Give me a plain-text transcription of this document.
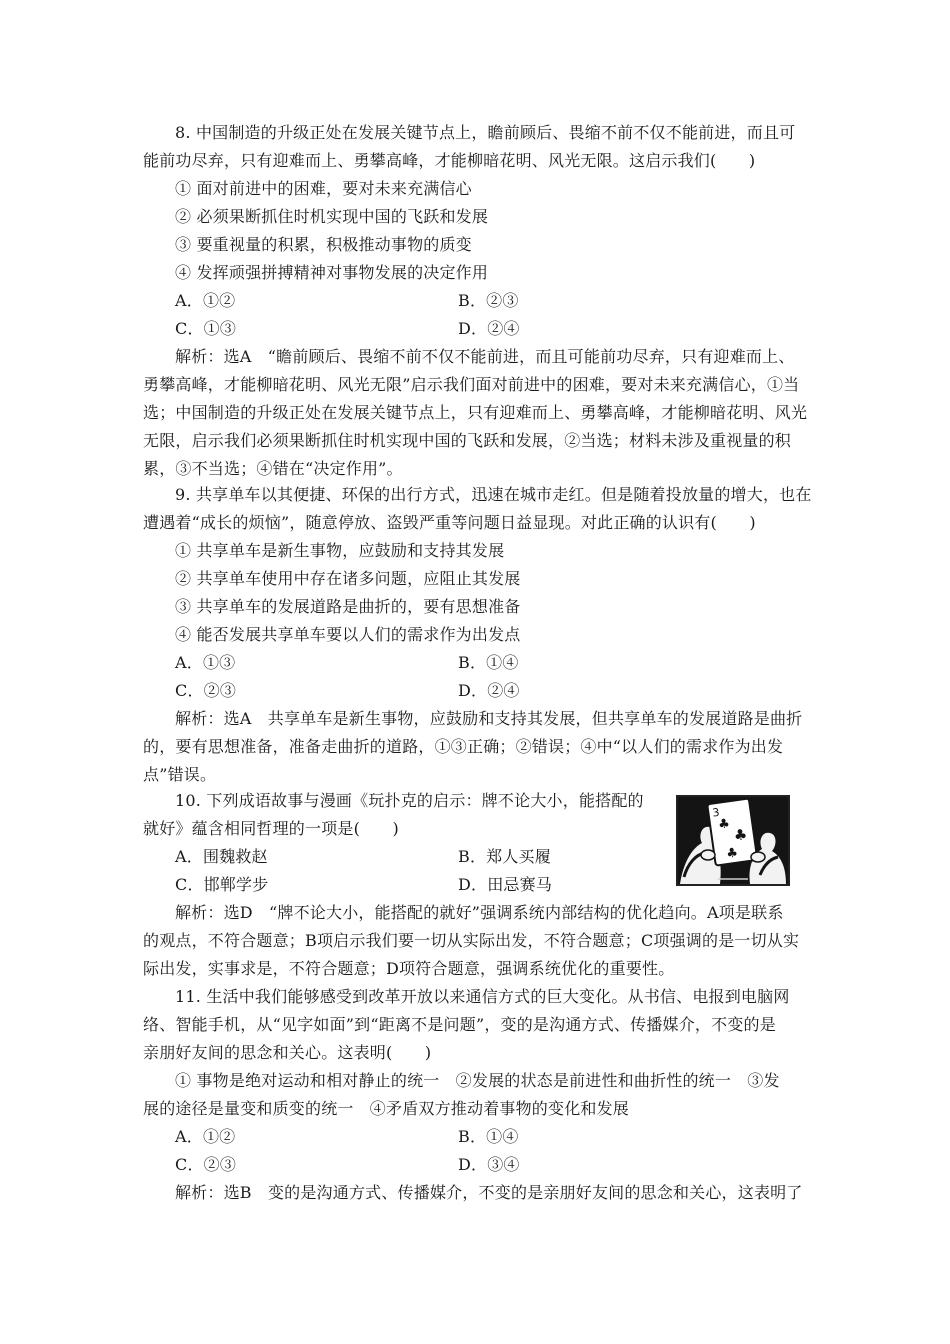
8. 中国制造的升级正处在发展关键节点上，瞻前顾后、畏缩不前不仅不能前进，而且可
能前功尽弃，只有迎难而上、勇攀高峰，才能柳暗花明、风光无限。这启示我们(　　)
① 面对前进中的困难，要对未来充满信心
② 必须果断抓住时机实现中国的飞跃和发展
③ 要重视量的积累，积极推动事物的质变
④ 发挥顽强拼搏精神对事物发展的决定作用
A．①②	B．②③
C．①③	D．②④
解析：选A　“瞻前顾后、畏缩不前不仅不能前进，而且可能前功尽弃，只有迎难而上、
勇攀高峰，才能柳暗花明、风光无限”启示我们面对前进中的困难，要对未来充满信心，①当
选；中国制造的升级正处在发展关键节点上，只有迎难而上、勇攀高峰，才能柳暗花明、风光
无限，启示我们必须果断抓住时机实现中国的飞跃和发展，②当选；材料未涉及重视量的积
累，③不当选；④错在“决定作用”。
9. 共享单车以其便捷、环保的出行方式，迅速在城市走红。但是随着投放量的增大，也在
遭遇着“成长的烦恼”，随意停放、盗毁严重等问题日益显现。对此正确的认识有(　　)
① 共享单车是新生事物，应鼓励和支持其发展
② 共享单车使用中存在诸多问题，应阻止其发展
③ 共享单车的发展道路是曲折的，要有思想准备
④ 能否发展共享单车要以人们的需求作为出发点
A．①③	B．①④
C．②③	D．②④
解析：选A　共享单车是新生事物，应鼓励和支持其发展，但共享单车的发展道路是曲折
的，要有思想准备，准备走曲折的道路，①③正确；②错误；④中“以人们的需求作为出发
点”错误。
10. 下列成语故事与漫画《玩扑克的启示：牌不论大小，能搭配的
就好》蕴含相同哲理的一项是(　　)
A．围魏救赵	B．郑人买履
C．邯郸学步	D．田忌赛马
3
♣
♣
♣
解析：选D　“牌不论大小，能搭配的就好”强调系统内部结构的优化趋向。A项是联系
的观点，不符合题意；B项启示我们要一切从实际出发，不符合题意；C项强调的是一切从实
际出发，实事求是，不符合题意；D项符合题意，强调系统优化的重要性。
11. 生活中我们能够感受到改革开放以来通信方式的巨大变化。从书信、电报到电脑网
络、智能手机，从“见字如面”到“距离不是问题”，变的是沟通方式、传播媒介，不变的是
亲朋好友间的思念和关心。这表明(　　)
① 事物是绝对运动和相对静止的统一　②发展的状态是前进性和曲折性的统一　③发
展的途径是量变和质变的统一　④矛盾双方推动着事物的变化和发展
A．①②	B．①④
C．②③	D．③④
解析：选B　变的是沟通方式、传播媒介，不变的是亲朋好友间的思念和关心，这表明了
